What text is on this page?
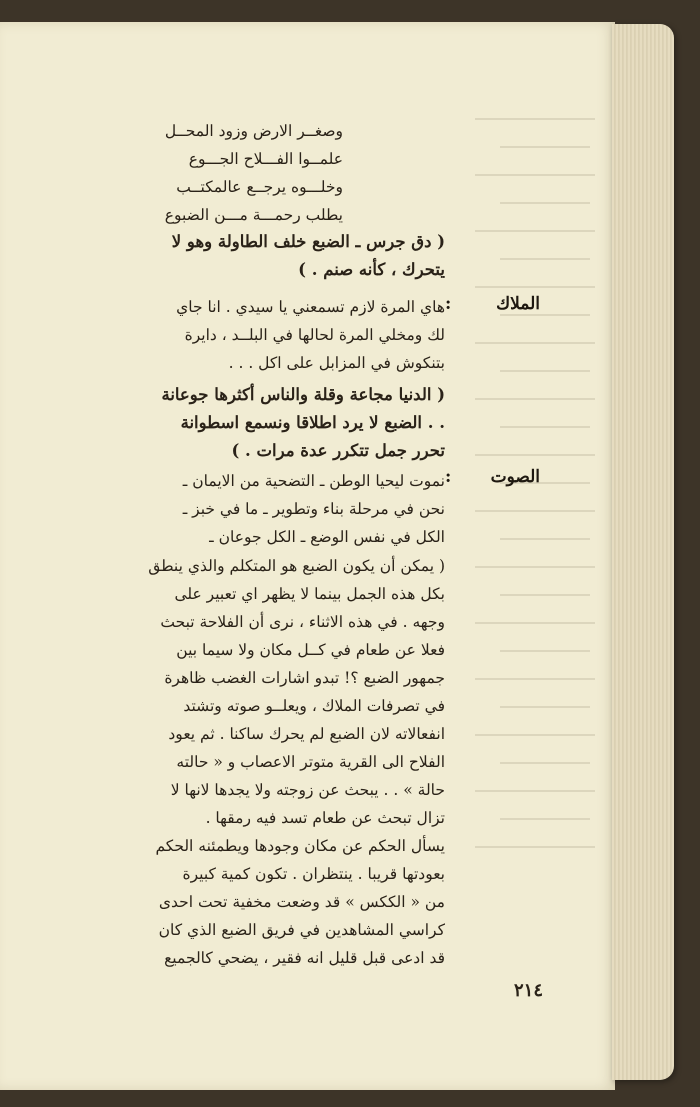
وصغــر الارض وزود المحــل
علمــوا الفـــلاح الجـــوع
وخلـــوه يرجــع عالمكتــب
يطلب رحمـــة مـــن الضبوع
( دق جرس ـ الضبع خلف الطاولة وهو لا
يتحرك ، كأنه صنم . )
الملاك
:
هاي المرة لازم تسمعني يا سيدي . انا جاي
لك ومخلي المرة لحالها في البلــد ، دايرة
بتنكوش في المزابل على اكل . . .
( الدنيا مجاعة وقلة والناس أكثرها جوعانة
. . الضبع لا يرد اطلاقا ونسمع اسطوانة
تحرر جمل تتكرر عدة مرات . )
الصوت
:
نموت ليحيا الوطن ـ التضحية من الايمان ـ
نحن في مرحلة بناء وتطوير ـ ما في خبز ـ
الكل في نفس الوضع ـ الكل جوعان ـ
( يمكن أن يكون الضبع هو المتكلم والذي ينطق
بكل هذه الجمل بينما لا يظهر اي تعبير على
وجهه . في هذه الاثناء ، نرى أن الفلاحة تبحث
فعلا عن طعام في كــل مكان ولا سيما بين
جمهور الضبع ؟! تبدو اشارات الغضب ظاهرة
في تصرفات الملاك ، ويعلــو صوته وتشتد
انفعالاته لان الضبع لم يحرك ساكنا . ثم يعود
الفلاح الى القرية متوتر الاعصاب و « حالته
حالة » . . يبحث عن زوجته ولا يجدها لانها لا
تزال تبحث عن طعام تسد فيه رمقها .
يسأل الحكم عن مكان وجودها ويطمئنه الحكم
بعودتها قريبا . ينتظران . تكون كمية كبيرة
من « الككس » قد وضعت مخفية تحت احدى
كراسي المشاهدين في فريق الضبع الذي كان
قد ادعى قبل قليل انه فقير ، يضحي كالجميع
٢١٤
